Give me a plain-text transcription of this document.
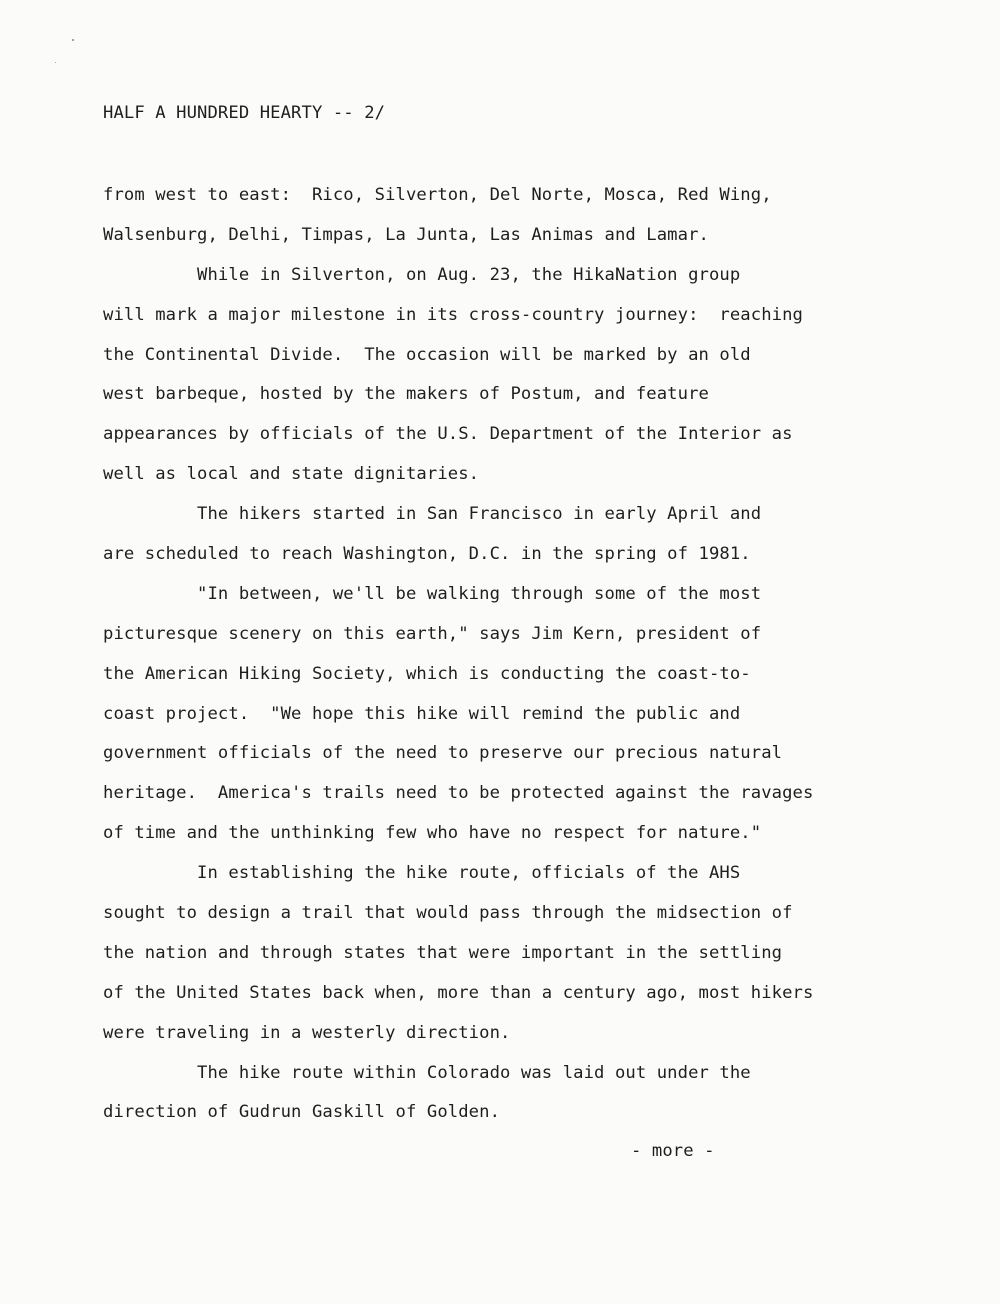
HALF A HUNDRED HEARTY -- 2/

from west to east:  Rico, Silverton, Del Norte, Mosca, Red Wing,

Walsenburg, Delhi, Timpas, La Junta, Las Animas and Lamar.

While in Silverton, on Aug. 23, the HikaNation group

will mark a major milestone in its cross-country journey:  reaching

the Continental Divide.  The occasion will be marked by an old

west barbeque, hosted by the makers of Postum, and feature

appearances by officials of the U.S. Department of the Interior as

well as local and state dignitaries.

The hikers started in San Francisco in early April and

are scheduled to reach Washington, D.C. in the spring of 1981.

"In between, we'll be walking through some of the most

picturesque scenery on this earth," says Jim Kern, president of

the American Hiking Society, which is conducting the coast-to-

coast project.  "We hope this hike will remind the public and

government officials of the need to preserve our precious natural

heritage.  America's trails need to be protected against the ravages

of time and the unthinking few who have no respect for nature."

In establishing the hike route, officials of the AHS

sought to design a trail that would pass through the midsection of

the nation and through states that were important in the settling

of the United States back when, more than a century ago, most hikers

were traveling in a westerly direction.

The hike route within Colorado was laid out under the

direction of Gudrun Gaskill of Golden.

- more -
